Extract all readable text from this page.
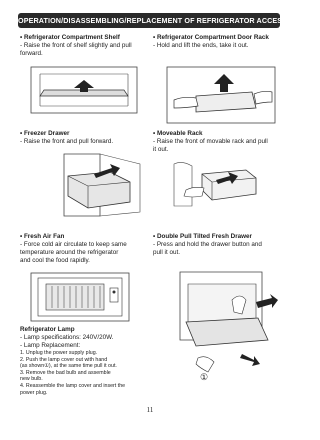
OPERATION/DISASSEMBLING/REPLACEMENT OF REFRIGERATOR ACCESSORIES
• Refrigerator Compartment Shelf
- Raise the front of shelf slightly and pull
forward.
• Refrigerator Compartment Door Rack
- Hold and lift the ends, take it out.
• Freezer Drawer
- Raise the front and pull forward.
• Moveable Rack
- Raise the front of movable rack and pull
it out.
• Fresh Air Fan
- Force cold air circulate to keep same
temperature around the refrigerator
and cool the food rapidly.
• Double Pull Tilted Fresh Drawer
- Press and hold the drawer button and
pull it out.
①
Refrigerator Lamp
- Lamp specifications: 240V/20W.
- Lamp Replacement:
1. Unplug the power supply plug.
2. Push the lamp cover out with hand
(as shown①), at the same time pull it out.
3. Remove the bad bulb and assemble
new bulb.
4. Reassemble the lamp cover and insert the
power plug.
11
